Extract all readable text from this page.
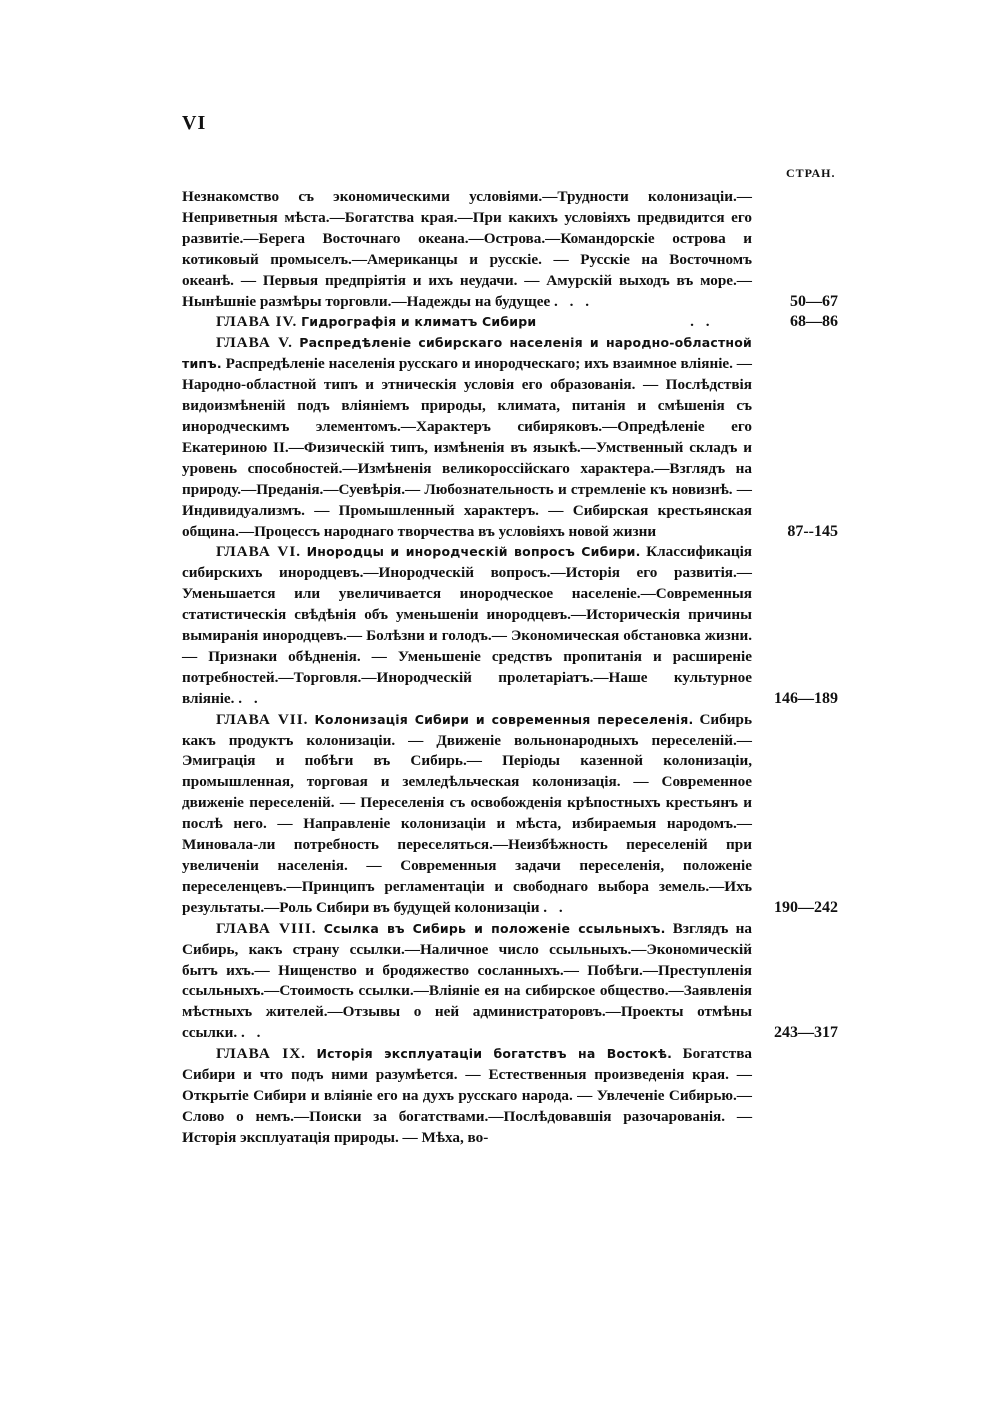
VI
СТРАН.
Незнакомство съ экономическими условіями.—Трудности колонизаціи.—Неприветныя мѣста.—Богатства края.—При какихъ условіяхъ предвидится его развитіе.—Берега Восточнаго океана.—Острова.—Командорскіе острова и котиковый промыселъ.—Американцы и русскіе. — Русскіе на Восточномъ океанѣ. — Первыя предпріятія и ихъ неудачи. — Амурскій выходъ въ море.—Нынѣшніе размѣры торговли.—Надежды на будущее . . .	50—67
ГЛАВА IV. Гидрографія и климатъ Сибири	. .	68—86
ГЛАВА V. Распредѣленіе сибирскаго населенія и народно-областной типъ. Распредѣленіе населенія русскаго и инородческаго; ихъ взаимное вліяніе. — Народно-областной типъ и этническія условія его образованія. — Послѣдствія видоизмѣненій подъ вліяніемъ природы, климата, питанія и смѣшенія съ инородческимъ элементомъ.—Характеръ сибиряковъ.—Опредѣленіе его Екатериною II.—Физическій типъ, измѣненія въ языкѣ.—Умственный складъ и уровень способностей.—Измѣненія великороссійскаго характера.—Взглядъ на природу.—Преданія.—Суевѣрія.— Любознательность и стремленіе къ новизнѣ. — Индивидуализмъ. — Промышленный характеръ. — Сибирская крестьянская община.—Процессъ народнаго творчества въ условіяхъ новой жизни	87--145
ГЛАВА VI. Инородцы и инородческій вопросъ Сибири. Классификація сибирскихъ инородцевъ.—Инородческій вопросъ.—Исторія его развитія.—Уменьшается или увеличивается инородческое населеніе.—Современныя статистическія свѣдѣнія объ уменьшеніи инородцевъ.—Историческія причины вымиранія инородцевъ.— Болѣзни и голодъ.— Экономическая обстановка жизни. — Признаки обѣдненія. — Уменьшеніе средствъ пропитанія и расширеніе потребностей.—Торговля.—Инородческій пролетаріатъ.—Наше культурное вліяніе. . .	146—189
ГЛАВА VII. Колонизація Сибири и современныя переселенія. Сибирь какъ продуктъ колонизаціи. — Движеніе вольнонародныхъ переселеній.—Эмиграція и побѣги въ Сибирь.— Періоды казенной колонизаціи, промышленная, торговая и земледѣльческая колонизація. — Современное движеніе переселеній. — Переселенія съ освобожденія крѣпостныхъ крестьянъ и послѣ него. — Направленіе колонизаціи и мѣста, избираемыя народомъ.—Миновала-ли потребность переселяться.—Неизбѣжность переселеній при увеличеніи населенія. — Современныя задачи переселенія, положеніе переселенцевъ.—Принципъ регламентаціи и свободнаго выбора земель.—Ихъ результаты.—Роль Сибири въ будущей колонизаціи . .	190—242
ГЛАВА VIII. Ссылка въ Сибирь и положеніе ссыльныхъ. Взглядъ на Сибирь, какъ страну ссылки.—Наличное число ссыльныхъ.—Экономическій бытъ ихъ.— Нищенство и бродяжество сосланныхъ.— Побѣги.—Преступленія ссыльныхъ.—Стоимость ссылки.—Вліяніе ея на сибирское общество.—Заявленія мѣстныхъ жителей.—Отзывы о ней администраторовъ.—Проекты отмѣны ссылки. . .	243—317
ГЛАВА IX. Исторія эксплуатаціи богатствъ на Востокѣ. Богатства Сибири и что подъ ними разумѣется. — Естественныя произведенія края. — Открытіе Сибири и вліяніе его на духъ русскаго народа. — Увлеченіе Сибирью.—Слово о немъ.—Поиски за богатствами.—Послѣдовавшія разочарованія. — Исторія эксплуатація природы. — Мѣха, во-
